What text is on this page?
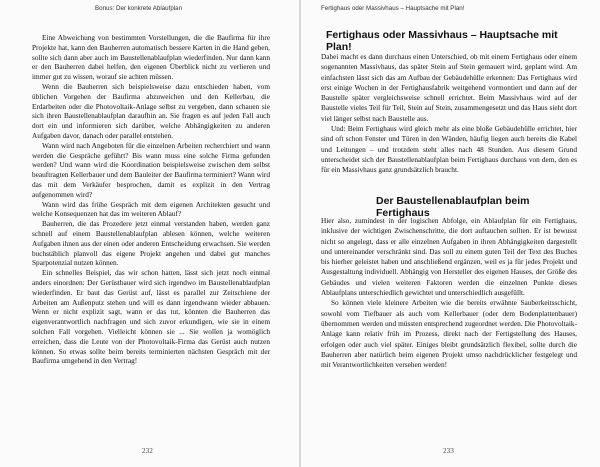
Bonus: Der konkrete Ablaufplan

Eine Abweichung von bestimmten Vorstellungen, die die Baufirma für ihre Projekte hat, kann den Bauherren automatisch bessere Karten in die Hand geben, sollte sich dann aber auch im Baustellenablaufplan wiederfinden. Nur dann kann er den Bauherren dabei helfen, den eigenen Überblick nicht zu verlieren und immer gut zu wissen, worauf sie achten müssen.

Wenn die Bauherren sich beispielsweise dazu entschieden haben, vom üblichen Vorgehen der Baufirma abzuweichen und den Kellerbau, die Erdarbeiten oder die Photovoltaik-Anlage selbst zu vergeben, dann schauen sie sich ihren Baustellenablaufplan daraufhin an. Sie fragen es auf jeden Fall auch dort ein und informieren sich darüber, welche Abhängigkeiten zu anderen Aufgaben davor, danach oder parallel entstehen.

Wann wird nach Angeboten für die einzelnen Arbeiten recherchiert und wann werden die Gespräche geführt? Bis wann muss eine solche Firma gefunden werden? Und wann wird die Koordination beispielsweise zwischen dem selbst beauftragten Kellerbauer und dem Bauleiter der Baufirma terminiert? Wann wird das mit dem Verkäufer besprochen, damit es explizit in den Vertrag aufgenommen wird?

Wann wird das frühe Gespräch mit dem eigenen Architekten gesucht und welche Konsequenzen hat das im weiteren Ablauf?

Bauherren, die das Prozedere jetzt einmal verstanden haben, werden ganz schnell auf einem Baustellenablaufplan ablesen können, welche weiteren Aufgaben ihnen aus der einen oder anderen Entscheidung erwachsen. Sie werden buchstäblich planvoll das eigene Projekt angehen und dabei gut manches Sparpotenzial nutzen können.

Ein schnelles Beispiel, das wir schon hatten, lässt sich jetzt noch einmal anders einordnen: Der Gerüstbauer wird sich irgendwo im Baustellenablaufplan wiederfinden. Er baut das Gerüst auf, lässt es parallel zur Zeitschiene der Arbeiten am Außenputz stehen und will es dann irgendwann wieder abbauen. Wenn er nicht explizit sagt, wann er das tut, könnten die Bauherren das eigenverantwortlich nachfragen und sich zuvor erkundigen, wie sie in einem solchen Fall vorgehen. Vielleicht können sie ... Sie wollen ja womöglich erreichen, dass die Leute von der Photovoltaik-Firma das Gerüst auch nutzen können. So etwas sollte beim bereits terminierten nächsten Gespräch mit der Baufirma umgehend in den Vertrag!

232
Fertighaus oder Massivhaus – Hauptsache mit Plan!
Fertighaus oder Massivhaus – Hauptsache mit Plan!

Dabei macht es dann durchaus einen Unterschied, ob mit einem Fertighaus oder einem sogenannten Massivhaus, das später Stein auf Stein gemauert wird, geplant wird. Am einfachsten lässt sich das am Aufbau der Gebäudehülle erkennen: Das Fertighaus wird erst einige Wochen in der Fertighausfabrik weitgehend vormontiert und dann auf der Baustelle später vergleichsweise schnell errichtet. Beim Massivhaus wird auf der Baustelle vieles Teil für Teil, Stein auf Stein, zusammengesetzt und das Haus sieht dort viel länger selbst nach Baustelle aus.

Und: Beim Fertighaus wird gleich mehr als eine bloße Gebäudehülle errichtet, hier sind oft schon Fenster und Türen in den Wänden, häufig liegen auch bereits die Kabel und Leitungen – und trotzdem steht alles nach 48 Stunden. Aus diesem Grund unterscheidet sich der Baustellenablaufplan beim Fertighaus durchaus von dem, den es für ein Massivhaus ganz grundsätzlich braucht.

Der Baustellenablaufplan beim Fertighaus

Hier also, zumindest in der logischen Abfolge, ein Ablaufplan für ein Fertighaus, inklusive der wichtigen Zwischenschritte, die dort auftauchen sollten. Er ist bewusst nicht so angelegt, dass er alle einzelnen Aufgaben in ihren Abhängigkeiten dargestellt und untereinander verschränkt sind. Das soll zu einem guten Teil der Text des Buches bis hierher geleistet haben und anschließend ergänzen, weil es ja für jedes Projekt und Ausgestaltung individuell. Abhängig von Hersteller des eigenen Hauses, der Größe des Gebäudes und vielen weiteren Faktoren werden die einzelnen Punkte dieses Ablaufplans unterschiedlich gewichtet und unterschiedlich ausgefüllt.

So können viele kleinere Arbeiten wie die bereits erwähnte Sauberkeitsschicht, sowohl vom Tiefbauer als auch vom Kellerbauer (oder dem Bodenplattenbauer) übernommen werden und müssten entsprechend zugeordnet werden. Die Photovoltaik-Anlage kann relativ früh im Prozess, direkt nach der Fertigstellung des Hauses, erfolgen oder auch viel später. Einiges bleibt grundsätzlich flexibel, sollte durch die Bauherren aber natürlich beim eigenen Projekt umso nachdrücklicher festgelegt und mit Verantwortlichkeiten versehen werden!

233
